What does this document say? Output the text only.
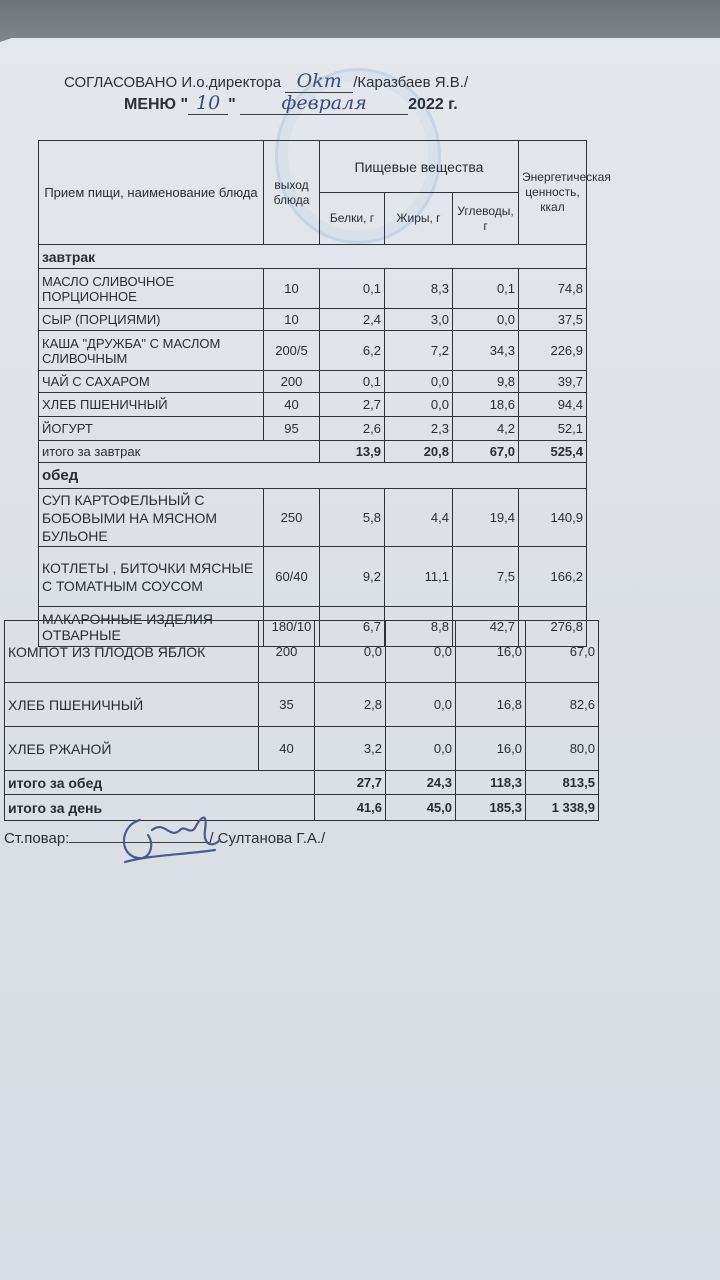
СОГЛАСОВАНО И.о.директора Okm /Каразбаев Я.В./
МЕНЮ " 10 " февраля	2022 г.
Прием пищи, наименование блюда	выход блюда	Пищевые вещества			Энергетическая ценность, ккал
		Белки, г	Жиры, г	Углеводы, г	
завтрак					
МАСЛО СЛИВОЧНОЕ ПОРЦИОННОЕ	10	0,1	8,3	0,1	74,8
СЫР (ПОРЦИЯМИ)	10	2,4	3,0	0,0	37,5
КАША "ДРУЖБА" С МАСЛОМ СЛИВОЧНЫМ	200/5	6,2	7,2	34,3	226,9
ЧАЙ С САХАРОМ	200	0,1	0,0	9,8	39,7
ХЛЕБ ПШЕНИЧНЫЙ	40	2,7	0,0	18,6	94,4
ЙОГУРТ	95	2,6	2,3	4,2	52,1
итого за завтрак		13,9	20,8	67,0	525,4
обед					
СУП КАРТОФЕЛЬНЫЙ С БОБОВЫМИ НА МЯСНОМ БУЛЬОНЕ	250	5,8	4,4	19,4	140,9
КОТЛЕТЫ , БИТОЧКИ МЯСНЫЕ С ТОМАТНЫМ СОУСОМ	60/40	9,2	11,1	7,5	166,2
МАКАРОННЫЕ ИЗДЕЛИЯ ОТВАРНЫЕ	180/10	6,7	8,8	42,7	276,8
КОМПОТ ИЗ ПЛОДОВ ЯБЛОК	200	0,0	0,0	16,0	67,0
ХЛЕБ ПШЕНИЧНЫЙ	35	2,8	0,0	16,8	82,6
ХЛЕБ РЖАНОЙ	40	3,2	0,0	16,0	80,0
итого за обед		27,7	24,3	118,3	813,5
итого за день		41,6	45,0	185,3	1 338,9
Ст.повар:	/ Султанова Г.А./
